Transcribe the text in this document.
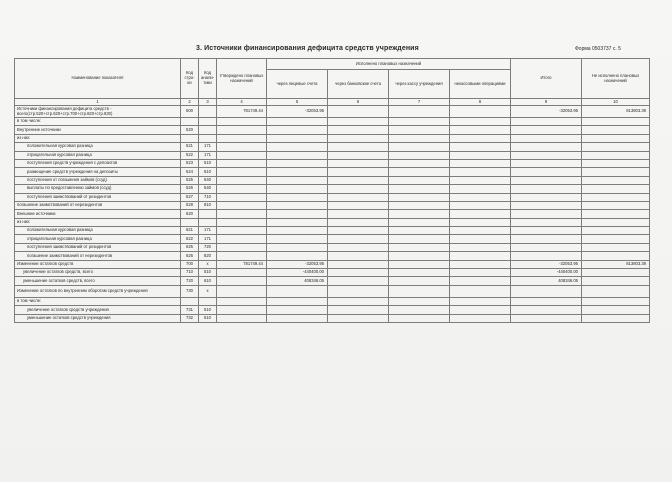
3. Источники финансирования дефицита средств учреждения	Форма 0503737 с. 5
Наименование показателя	Код стро-ки	Код анали-тики	Утверждено плановых назначений	Исполнено плановых назначений				Итого	Не исполнено плановых назначений
				через лицевые счета	через банковские счета	через кассу учреждения	некассовыми операциями		
1	2	3	4	5	6	7	8	9	10
Источники финансирования дефицита средств - всего(стр.520+стр.620+стр.700+стр.820+стр.830)	500		781749.44	-32053.95				-32053.95	813803.39
в том числе:									
Внутренние источники	520								
из них:									
положительная курсовая разница	521	171							
отрицательная курсовая разница	522	171							
поступления средств учреждения с депозитов	523	510							
размещение средств учреждения на депозиты	524	610							
поступления от погашения займов (ссуд)	525	640							
выплаты по предоставлению займов (ссуд)	526	540							
поступления заимствований от резидентов	527	710							
погашение заимствований от нерезидентов	528	810							
Внешние источники	620								
из них:									
положительная курсовая разница	621	171							
отрицательная курсовая разница	622	171							
поступления заимствований от резидентов	625	720							
погашение заимствований от нерезидентов	626	820							
Изменение остатков средств	700	x	781749.44	-32053.95				-32053.95	813803.39
увеличение остатков средств, всего	710	510		-440400.00				-440400.00	
уменьшение остатков средств, всего	720	610		408346.05				408346.05	
Изменение остатков по внутренним оборотам средств учреждения	730	x							
в том числе:									
увеличение остатков средств учреждения	731	510							
уменьшение остатков средств учреждения	732	610							
